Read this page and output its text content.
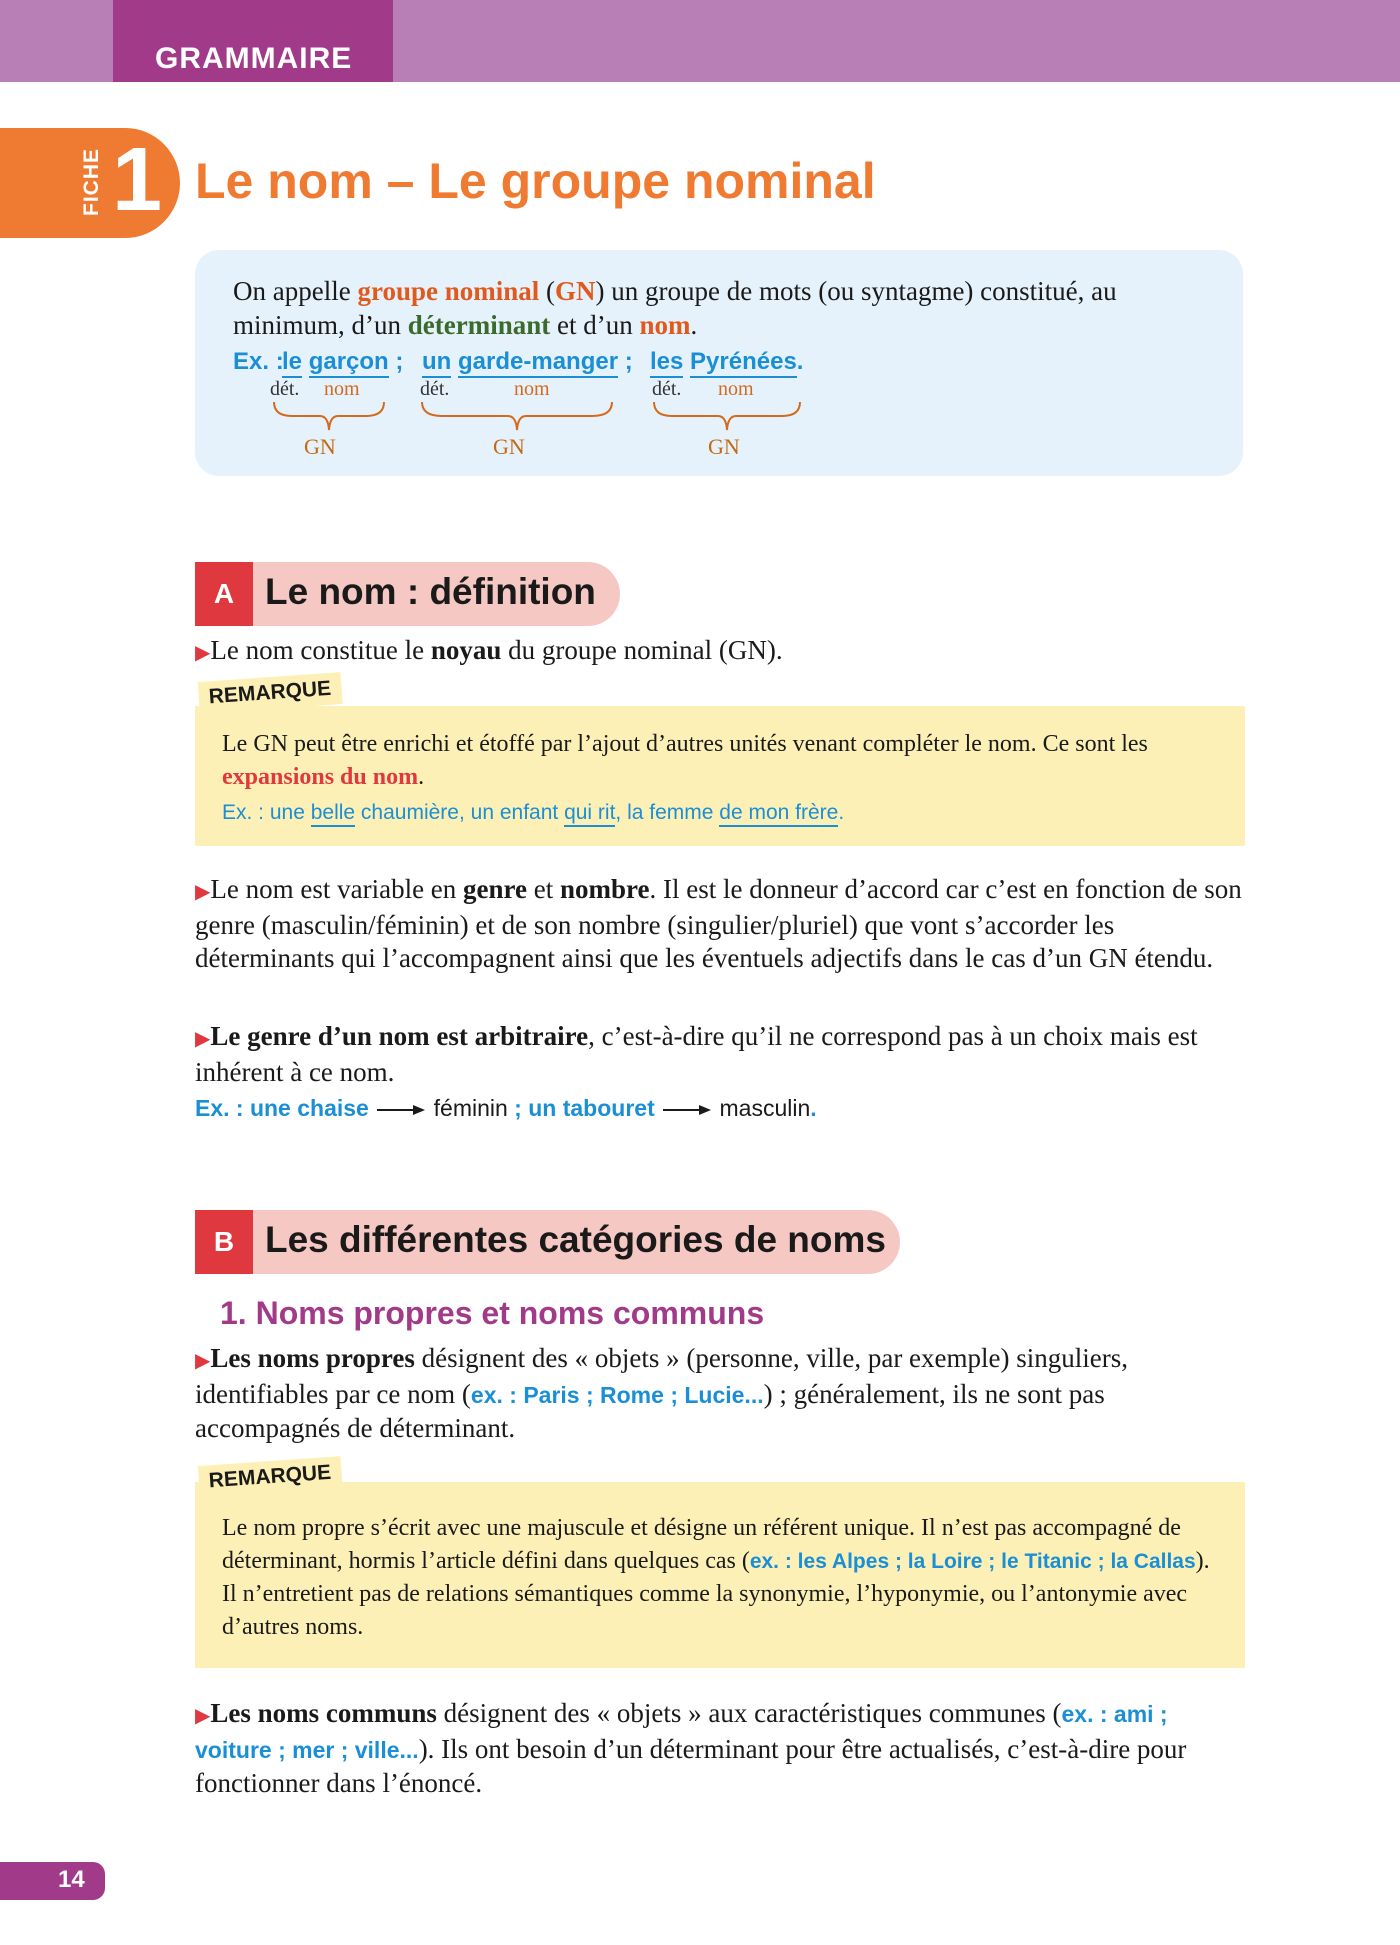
GRAMMAIRE
FICHE 1 Le nom – Le groupe nominal
On appelle groupe nominal (GN) un groupe de mots (ou syntagme) constitué, au minimum, d’un déterminant et d’un nom.
Ex. :
le garçon ; un garde-manger ; les Pyrénées.
dét. nom	dét.	nom	dét. nom
GN	GN	GN
A Le nom : définition
▶Le nom constitue le noyau du groupe nominal (GN).
REMARQUE
Le GN peut être enrichi et étoffé par l’ajout d’autres unités venant compléter le nom. Ce sont les expansions du nom.
Ex. : une belle chaumière, un enfant qui rit, la femme de mon frère.
▶Le nom est variable en genre et nombre. Il est le donneur d’accord car c’est en fonction de son genre (masculin/féminin) et de son nombre (singulier/pluriel) que vont s’accorder les déterminants qui l’accompagnent ainsi que les éventuels adjectifs dans le cas d’un GN étendu.
▶Le genre d’un nom est arbitraire, c’est-à-dire qu’il ne correspond pas à un choix mais est inhérent à ce nom.
Ex. : une chaise	féminin ; un tabouret	masculin.
B Les différentes catégories de noms
1. Noms propres et noms communs
▶Les noms propres désignent des « objets » (personne, ville, par exemple) singuliers, identifiables par ce nom (ex. : Paris ; Rome ; Lucie...) ; généralement, ils ne sont pas accompagnés de déterminant.
REMARQUE
Le nom propre s’écrit avec une majuscule et désigne un référent unique. Il n’est pas accompagné de déterminant, hormis l’article défini dans quelques cas (ex. : les Alpes ; la Loire ; le Titanic ; la Callas). Il n’entretient pas de relations sémantiques comme la synonymie, l’hyponymie, ou l’antonymie avec d’autres noms.
▶Les noms communs désignent des « objets » aux caractéristiques communes (ex. : ami ; voiture ; mer ; ville...). Ils ont besoin d’un déterminant pour être actualisés, c’est-à-dire pour fonctionner dans l’énoncé.
14
